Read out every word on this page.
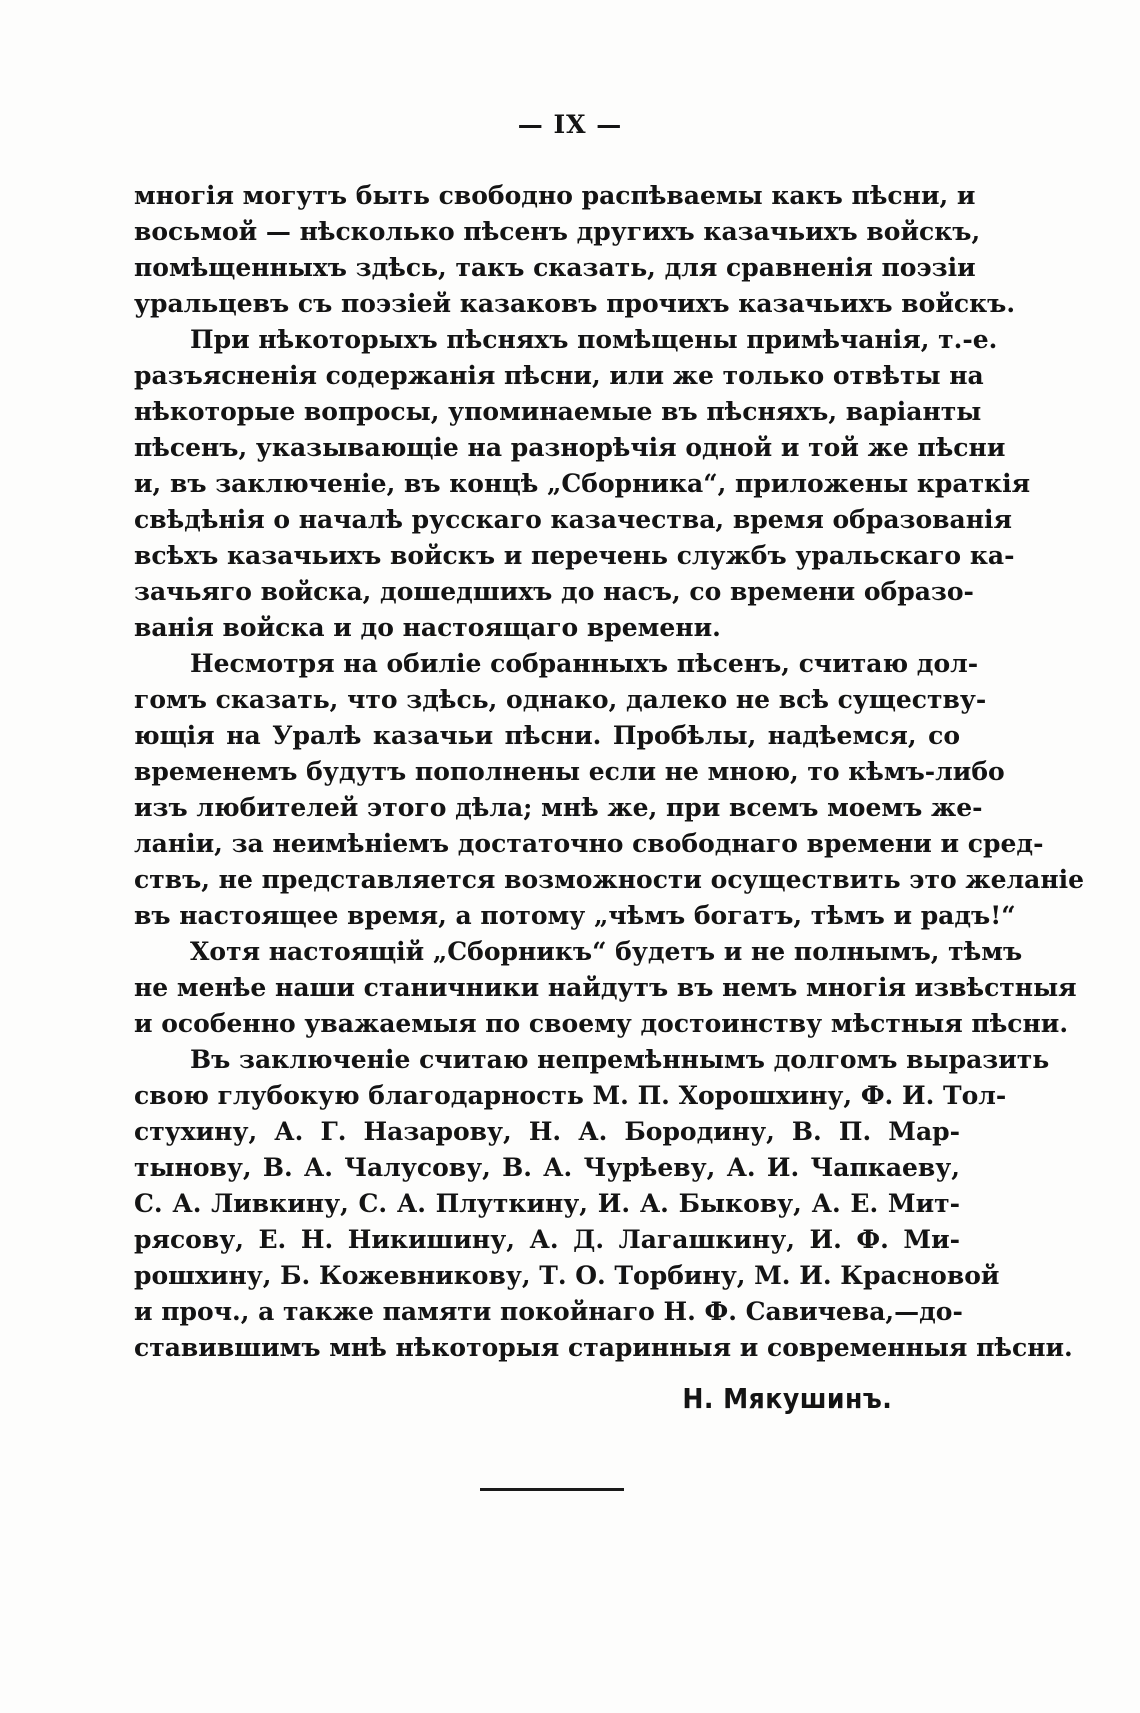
— IX —
многія могутъ быть свободно распѣваемы какъ пѣсни, и
восьмой — нѣсколько пѣсенъ другихъ казачьихъ войскъ,
помѣщенныхъ здѣсь, такъ сказать, для сравненія поэзіи
уральцевъ съ поэзіей казаковъ прочихъ казачьихъ войскъ.
При нѣкоторыхъ пѣсняхъ помѣщены примѣчанія, т.-е.
разъясненія содержанія пѣсни, или же только отвѣты на
нѣкоторые вопросы, упоминаемые въ пѣсняхъ, варіанты
пѣсенъ, указывающіе на разнорѣчія одной и той же пѣсни
и, въ заключеніе, въ концѣ „Сборника“, приложены краткія
свѣдѣнія о началѣ русскаго казачества, время образованія
всѣхъ казачьихъ войскъ и перечень службъ уральскаго ка-
зачьяго войска, дошедшихъ до насъ, со времени образо-
ванія войска и до настоящаго времени.
Несмотря на обиліе собранныхъ пѣсенъ, считаю дол-
гомъ сказать, что здѣсь, однако, далеко не всѣ существу-
ющія на Уралѣ казачьи пѣсни. Пробѣлы, надѣемся, со
временемъ будутъ пополнены если не мною, то кѣмъ-либо
изъ любителей этого дѣла; мнѣ же, при всемъ моемъ же-
ланіи, за неимѣніемъ достаточно свободнаго времени и сред-
ствъ, не представляется возможности осуществить это желаніе
въ настоящее время, а потому „чѣмъ богатъ, тѣмъ и радъ!“
Хотя настоящій „Сборникъ“ будетъ и не полнымъ, тѣмъ
не менѣе наши станичники найдутъ въ немъ многія извѣстныя
и особенно уважаемыя по своему достоинству мѣстныя пѣсни.
Въ заключеніе считаю непремѣннымъ долгомъ выразить
свою глубокую благодарность М. П. Хорошхину, Ф. И. Тол-
стухину, А. Г. Назарову, Н. А. Бородину, В. П. Мар-
тынову, В. А. Чалусову, В. А. Чурѣеву, А. И. Чапкаеву,
С. А. Ливкину, С. А. Плуткину, И. А. Быкову, А. Е. Мит-
рясову, Е. Н. Никишину, А. Д. Лагашкину, И. Ф. Ми-
рошхину, Б. Кожевникову, Т. О. Торбину, М. И. Красновой
и проч., а также памяти покойнаго Н. Ф. Савичева,—до-
ставившимъ мнѣ нѣкоторыя старинныя и современныя пѣсни.
Н. Мякушинъ.
